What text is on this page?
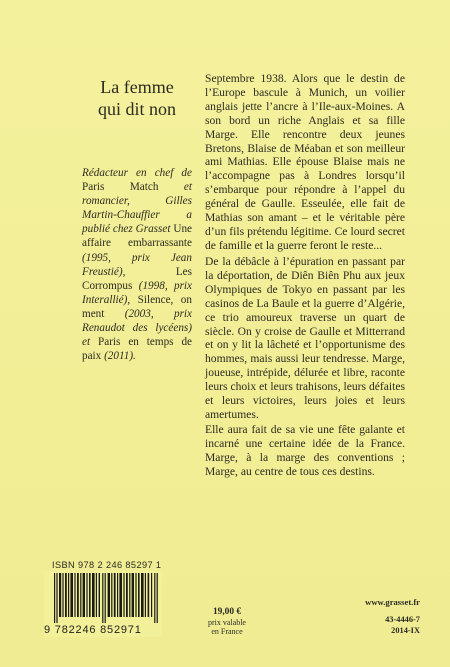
La femme
qui dit non
Rédacteur en chef de Paris Match et romancier, Gilles Martin-Chauffier a publié chez Grasset Une affaire embarrassante (1995, prix Jean Freustié),	Les Corrompus (1998, prix Interallié), Silence, on ment (2003, prix Renaudot des lycéens) et Paris en temps de paix (2011).

Septembre 1938. Alors que le destin de l’Europe bascule à Munich, un voilier anglais jette l’ancre à l’Ile-aux-Moines. A son bord un riche Anglais et sa fille Marge. Elle rencontre deux jeunes Bretons, Blaise de Méaban et son meilleur ami Mathias. Elle épouse Blaise mais ne l’accompagne pas à Londres lorsqu’il s’embarque pour répondre à l’appel du général de Gaulle. Esseulée, elle fait de Mathias son amant – et le véritable père d’un fils prétendu légitime. Ce lourd secret de famille et la guerre feront le reste...

De la débâcle à l’épuration en passant par la déportation, de Diên Biên Phu aux jeux Olympiques de Tokyo en passant par les casinos de La Baule et la guerre d’Algérie, ce trio amoureux traverse un quart de siècle. On y croise de Gaulle et Mitterrand et on y lit la lâcheté et l’opportunisme des hommes, mais aussi leur tendresse. Marge, joueuse, intrépide, délurée et libre, raconte leurs choix et leurs trahisons, leurs défaites et leurs victoires, leurs joies et leurs amertumes.

Elle aura fait de sa vie une fête galante et incarné une certaine idée de la France. Marge, à la marge des conventions ; Marge, au centre de tous ces destins.

ISBN 978 2 246 85297 1
9 782246 852971
19,00 €
prix valable
en France
www.grasset.fr
43-4446-7
2014-IX
